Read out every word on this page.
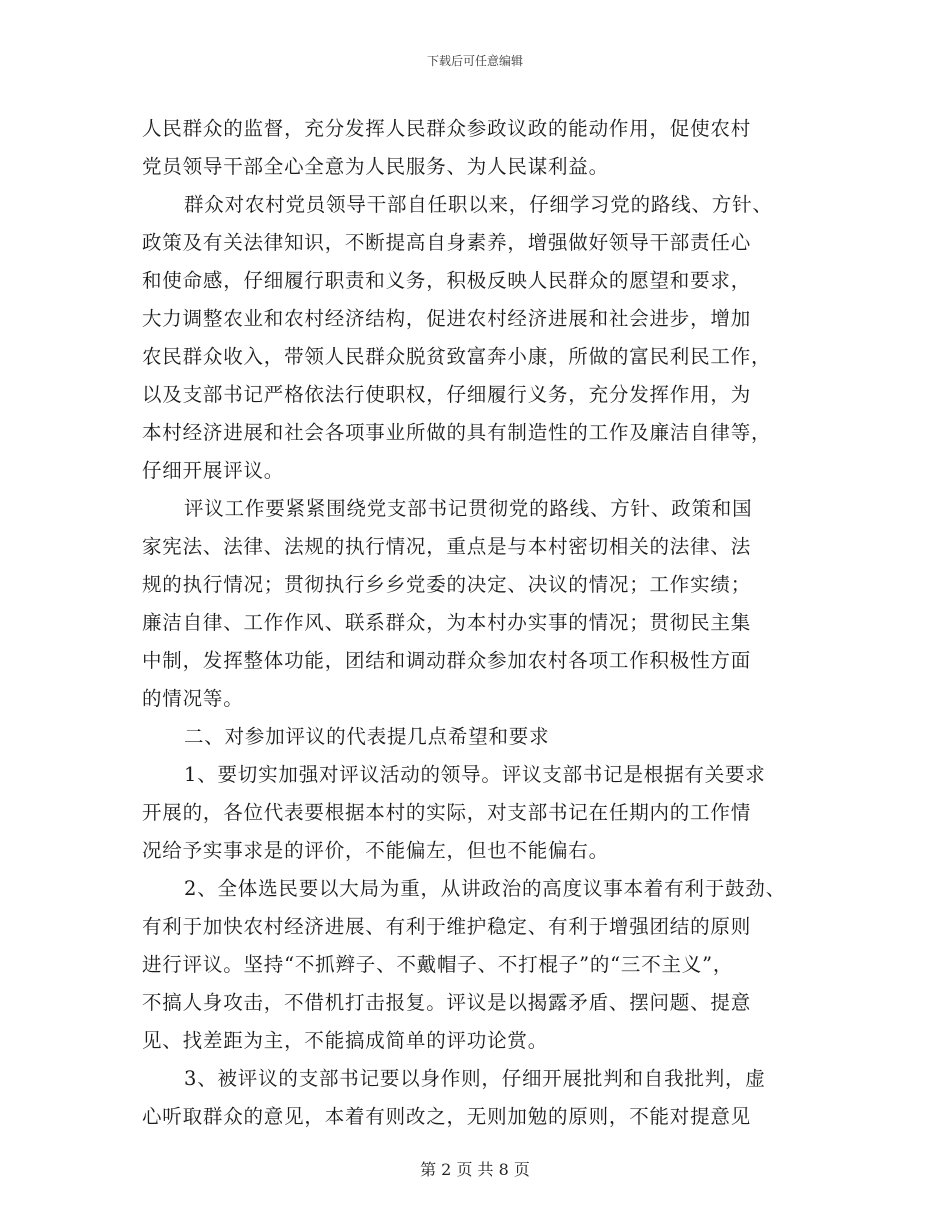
下载后可任意编辑
人民群众的监督，充分发挥人民群众参政议政的能动作用，促使农村
党员领导干部全心全意为人民服务、为人民谋利益。
群众对农村党员领导干部自任职以来，仔细学习党的路线、方针、
政策及有关法律知识，不断提高自身素养，增强做好领导干部责任心
和使命感，仔细履行职责和义务，积极反映人民群众的愿望和要求，
大力调整农业和农村经济结构，促进农村经济进展和社会进步，增加
农民群众收入，带领人民群众脱贫致富奔小康，所做的富民利民工作，
以及支部书记严格依法行使职权，仔细履行义务，充分发挥作用，为
本村经济进展和社会各项事业所做的具有制造性的工作及廉洁自律等，
仔细开展评议。
评议工作要紧紧围绕党支部书记贯彻党的路线、方针、政策和国
家宪法、法律、法规的执行情况，重点是与本村密切相关的法律、法
规的执行情况；贯彻执行乡乡党委的决定、决议的情况；工作实绩；
廉洁自律、工作作风、联系群众，为本村办实事的情况；贯彻民主集
中制，发挥整体功能，团结和调动群众参加农村各项工作积极性方面
的情况等。
二、对参加评议的代表提几点希望和要求
1、要切实加强对评议活动的领导。评议支部书记是根据有关要求
开展的，各位代表要根据本村的实际，对支部书记在任期内的工作情
况给予实事求是的评价，不能偏左，但也不能偏右。
2、全体选民要以大局为重，从讲政治的高度议事本着有利于鼓劲、
有利于加快农村经济进展、有利于维护稳定、有利于增强团结的原则
进行评议。坚持“不抓辫子、不戴帽子、不打棍子”的“三不主义”，
不搞人身攻击，不借机打击报复。评议是以揭露矛盾、摆问题、提意
见、找差距为主，不能搞成简单的评功论赏。
3、被评议的支部书记要以身作则，仔细开展批判和自我批判，虚
心听取群众的意见，本着有则改之，无则加勉的原则，不能对提意见
第 2 页 共 8 页
